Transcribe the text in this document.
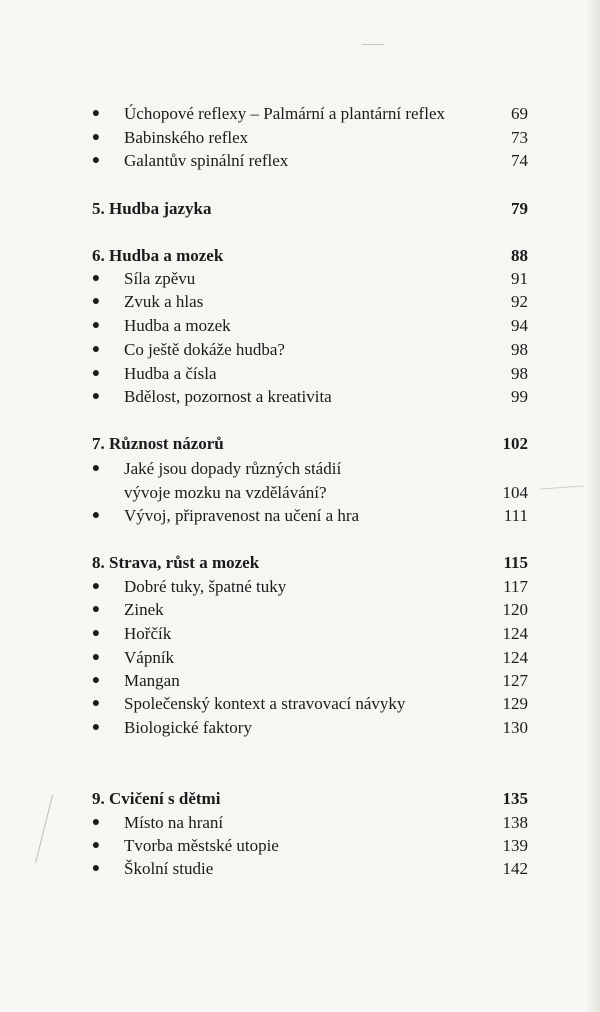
● Úchopové reflexy – Palmární a plantární reflex	69
● Babinského reflex	73
● Galantův spinální reflex	74
5. Hudba jazyka	79
6. Hudba a mozek	88
● Síla zpěvu	91
● Zvuk a hlas	92
● Hudba a mozek	94
● Co ještě dokáže hudba?	98
● Hudba a čísla	98
● Bdělost, pozornost a kreativita	99
7. Různost názorů	102
● Jaké jsou dopady různých stádií
vývoje mozku na vzdělávání?	104
● Vývoj, připravenost na učení a hra	111
8. Strava, růst a mozek	115
● Dobré tuky, špatné tuky	117
● Zinek	120
● Hořčík	124
● Vápník	124
● Mangan	127
● Společenský kontext a stravovací návyky	129
● Biologické faktory	130
9. Cvičení s dětmi	135
● Místo na hraní	138
● Tvorba městské utopie	139
● Školní studie	142
